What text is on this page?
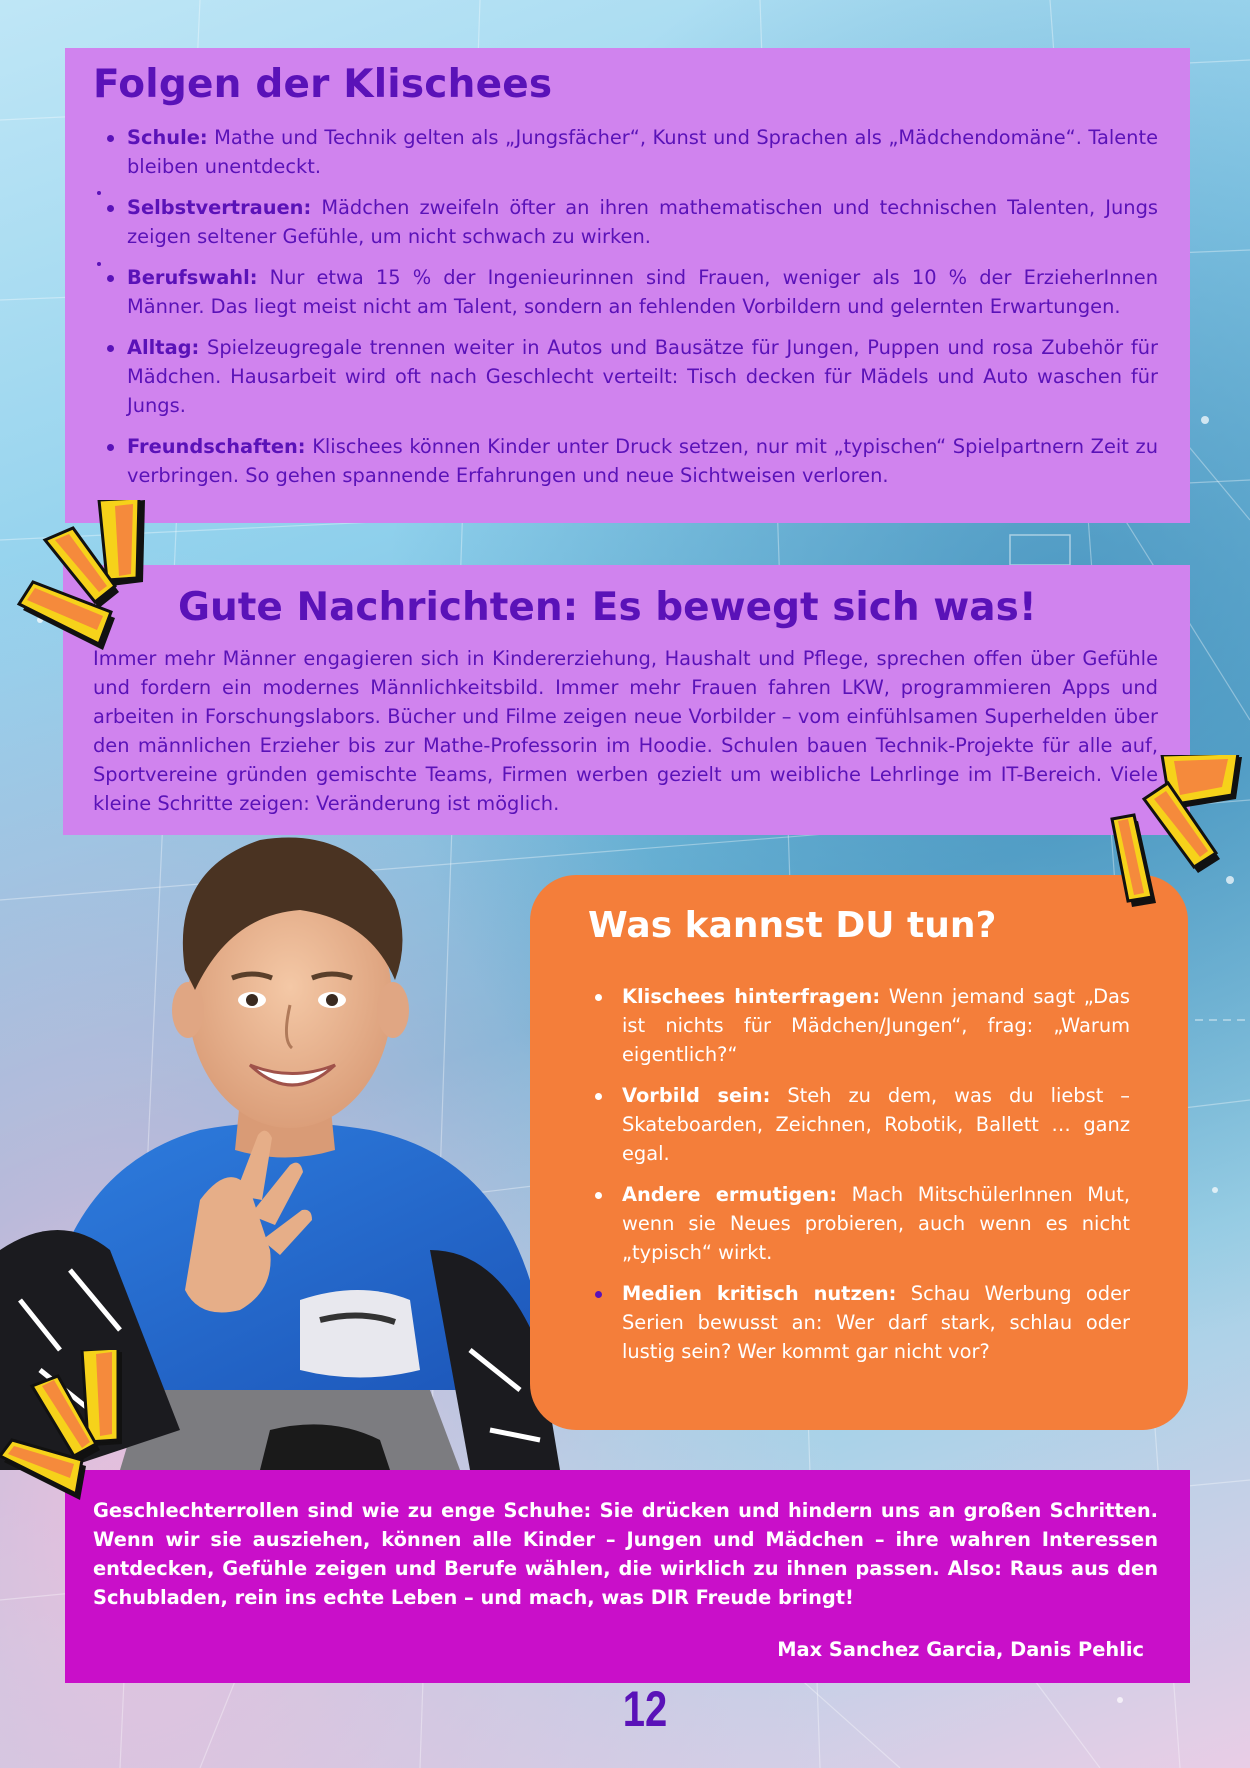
Folgen der Klischees
Schule: Mathe und Technik gelten als „Jungsfächer“, Kunst und Sprachen als „Mädchendomäne“. Talente bleiben unentdeckt.
Selbstvertrauen: Mädchen zweifeln öfter an ihren mathematischen und technischen Talenten, Jungs zeigen seltener Gefühle, um nicht schwach zu wirken.
Berufswahl: Nur etwa 15 % der Ingenieurinnen sind Frauen, weniger als 10 % der ErzieherInnen Männer. Das liegt meist nicht am Talent, sondern an fehlenden Vorbildern und gelernten Erwartungen.
Alltag: Spielzeugregale trennen weiter in Autos und Bausätze für Jungen, Puppen und rosa Zubehör für Mädchen. Hausarbeit wird oft nach Geschlecht verteilt: Tisch decken für Mädels und Auto waschen für Jungs.
Freundschaften: Klischees können Kinder unter Druck setzen, nur mit „typischen“ Spielpartnern Zeit zu verbringen. So gehen spannende Erfahrungen und neue Sichtweisen verloren.
Gute Nachrichten: Es bewegt sich was!

Immer mehr Männer engagieren sich in Kindererziehung, Haushalt und Pflege, sprechen offen über Gefühle und fordern ein modernes Männlichkeitsbild. Immer mehr Frauen fahren LKW, programmieren Apps und arbeiten in Forschungslabors. Bücher und Filme zeigen neue Vorbilder – vom einfühlsamen Superhelden über den männlichen Erzieher bis zur Mathe-Professorin im Hoodie. Schulen bauen Technik-Projekte für alle auf, Sportvereine gründen gemischte Teams, Firmen werben gezielt um weibliche Lehrlinge im IT-Bereich. Viele kleine Schritte zeigen: Veränderung ist möglich.

Was kannst DU tun?
Klischees hinterfragen: Wenn jemand sagt „Das ist nichts für Mädchen/Jungen“, frag: „Warum eigentlich?“
Vorbild sein: Steh zu dem, was du liebst – Skateboarden, Zeichnen, Robotik, Ballett … ganz egal.
Andere ermutigen: Mach MitschülerInnen Mut, wenn sie Neues probieren, auch wenn es nicht „typisch“ wirkt.
Medien kritisch nutzen: Schau Werbung oder Serien bewusst an: Wer darf stark, schlau oder lustig sein? Wer kommt gar nicht vor?

Geschlechterrollen sind wie zu enge Schuhe: Sie drücken und hindern uns an großen Schritten. Wenn wir sie ausziehen, können alle Kinder – Jungen und Mädchen – ihre wahren Interessen entdecken, Gefühle zeigen und Berufe wählen, die wirklich zu ihnen passen. Also: Raus aus den Schubladen, rein ins echte Leben – und mach, was DIR Freude bringt!

Max Sanchez Garcia, Danis Pehlic
12
